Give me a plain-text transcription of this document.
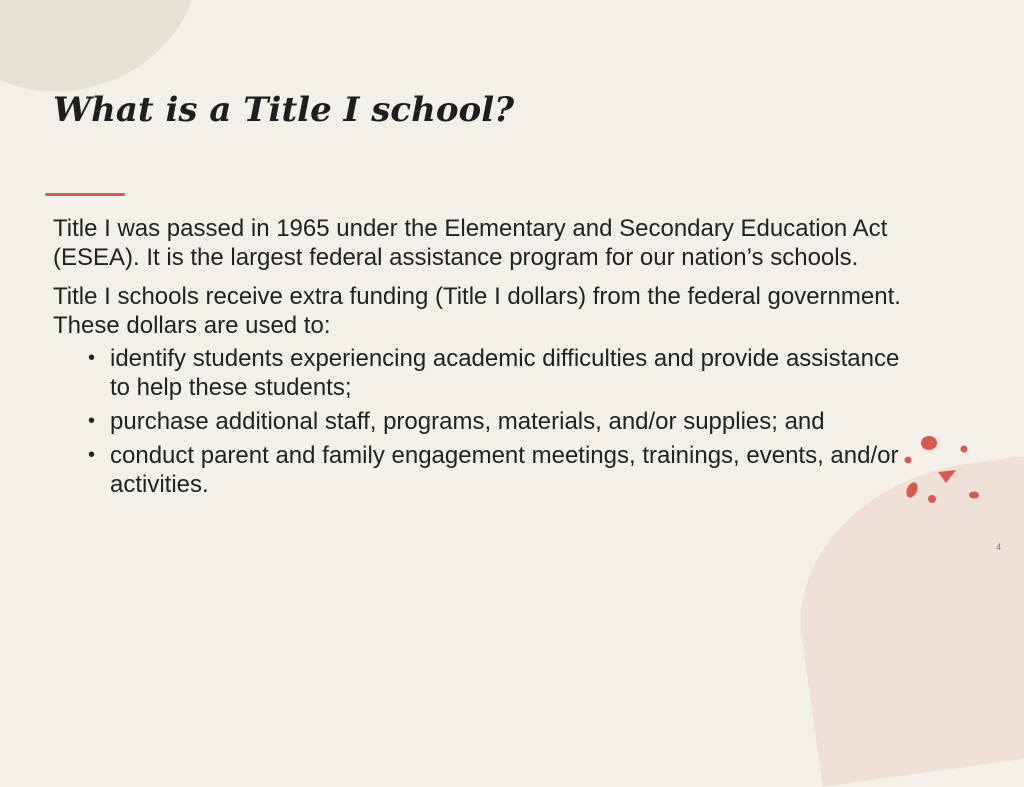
What is a Title I school?

Title I was passed in 1965 under the Elementary and Secondary Education Act (ESEA). It is the largest federal assistance program for our nation’s schools.

Title I schools receive extra funding (Title I dollars) from the federal government. These dollars are used to:

• identify students experiencing academic difficulties and provide assistance to help these students;
• purchase additional staff, programs, materials, and/or supplies; and
• conduct parent and family engagement meetings, trainings, events, and/or activities.
4
